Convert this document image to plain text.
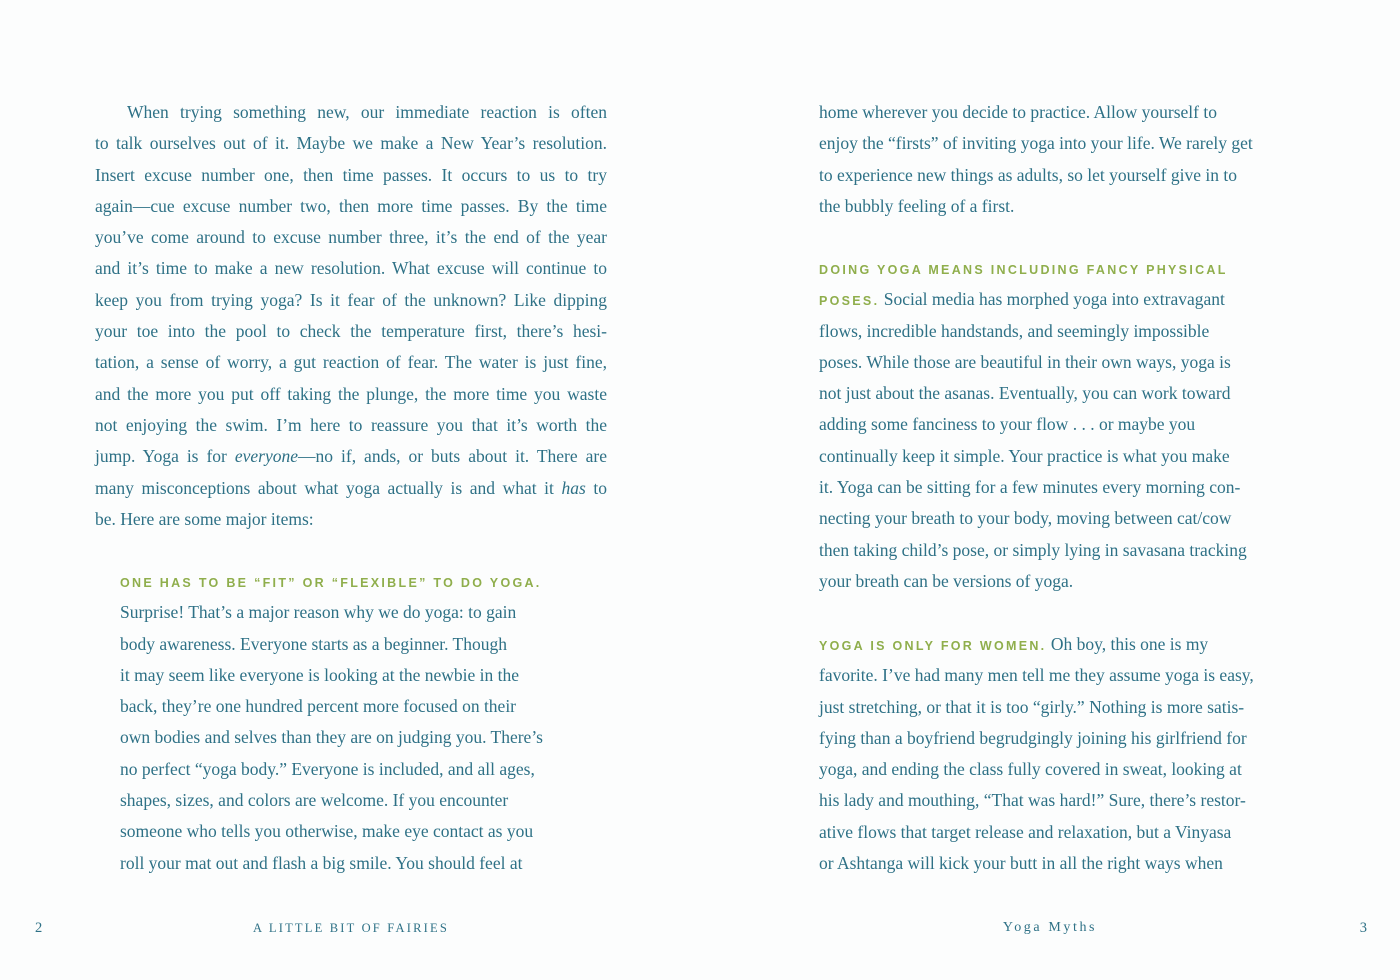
When trying something new, our immediate reaction is often
to talk ourselves out of it. Maybe we make a New Year’s resolution.
Insert excuse number one, then time passes. It occurs to us to try
again—cue excuse number two, then more time passes. By the time
you’ve come around to excuse number three, it’s the end of the year
and it’s time to make a new resolution. What excuse will continue to
keep you from trying yoga? Is it fear of the unknown? Like dipping
your toe into the pool to check the temperature first, there’s hesi-
tation, a sense of worry, a gut reaction of fear. The water is just fine,
and the more you put off taking the plunge, the more time you waste
not enjoying the swim. I’m here to reassure you that it’s worth the
jump. Yoga is for everyone—no if, ands, or buts about it. There are
many misconceptions about what yoga actually is and what it has to
be. Here are some major items:
ONE HAS TO BE “FIT” OR “FLEXIBLE” TO DO YOGA.
Surprise! That’s a major reason why we do yoga: to gain
body awareness. Everyone starts as a beginner. Though
it may seem like everyone is looking at the newbie in the
back, they’re one hundred percent more focused on their
own bodies and selves than they are on judging you. There’s
no perfect “yoga body.” Everyone is included, and all ages,
shapes, sizes, and colors are welcome. If you encounter
someone who tells you otherwise, make eye contact as you
roll your mat out and flash a big smile. You should feel at
home wherever you decide to practice. Allow yourself to
enjoy the “firsts” of inviting yoga into your life. We rarely get
to experience new things as adults, so let yourself give in to
the bubbly feeling of a first.
DOING YOGA MEANS INCLUDING FANCY PHYSICAL
POSES. Social media has morphed yoga into extravagant
flows, incredible handstands, and seemingly impossible
poses. While those are beautiful in their own ways, yoga is
not just about the asanas. Eventually, you can work toward
adding some fanciness to your flow . . . or maybe you
continually keep it simple. Your practice is what you make
it. Yoga can be sitting for a few minutes every morning con-
necting your breath to your body, moving between cat/cow
then taking child’s pose, or simply lying in savasana tracking
your breath can be versions of yoga.
YOGA IS ONLY FOR WOMEN. Oh boy, this one is my
favorite. I’ve had many men tell me they assume yoga is easy,
just stretching, or that it is too “girly.” Nothing is more satis-
fying than a boyfriend begrudgingly joining his girlfriend for
yoga, and ending the class fully covered in sweat, looking at
his lady and mouthing, “That was hard!” Sure, there’s restor-
ative flows that target release and relaxation, but a Vinyasa
or Ashtanga will kick your butt in all the right ways when
2	A LITTLE BIT OF FAIRIES	Yoga Myths	3
